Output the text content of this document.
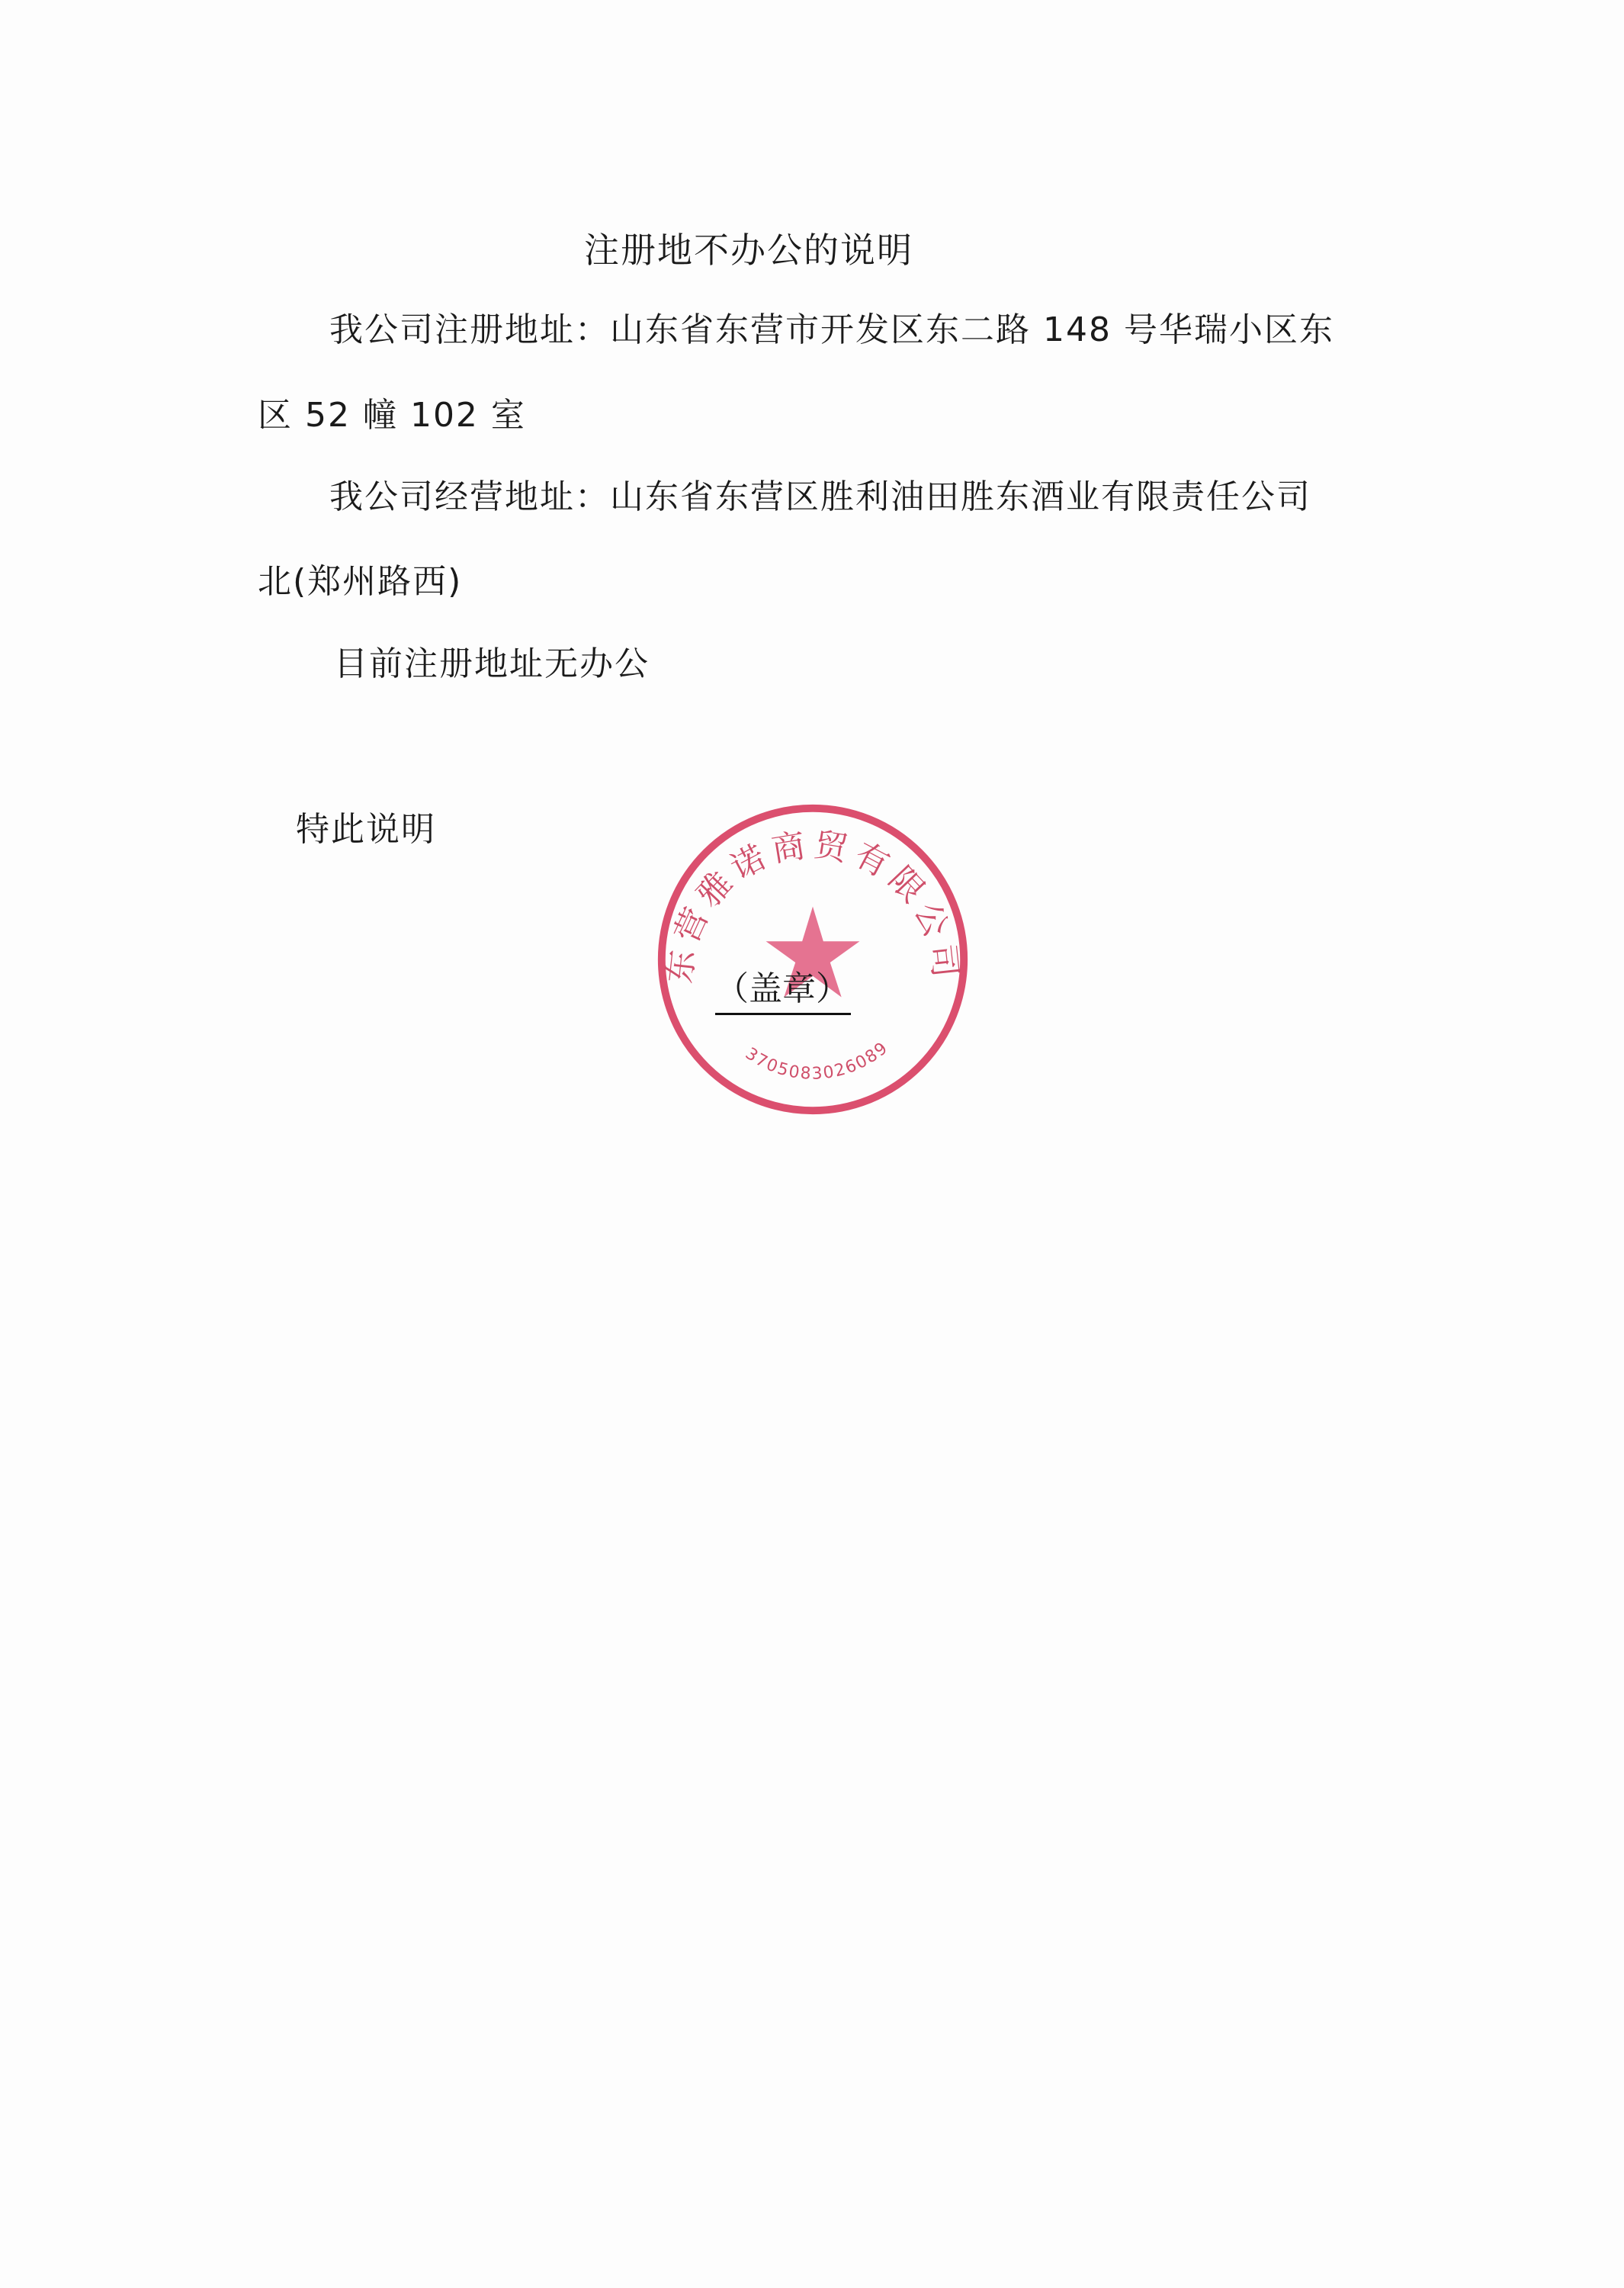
注册地不办公的说明
我公司注册地址：山东省东营市开发区东二路 148 号华瑞小区东
区 52 幢 102 室
我公司经营地址：山东省东营区胜利油田胜东酒业有限责任公司
北(郑州路西)
目前注册地址无办公
特此说明
东营雅诺商贸有限公司
3705083026089
（盖章）
